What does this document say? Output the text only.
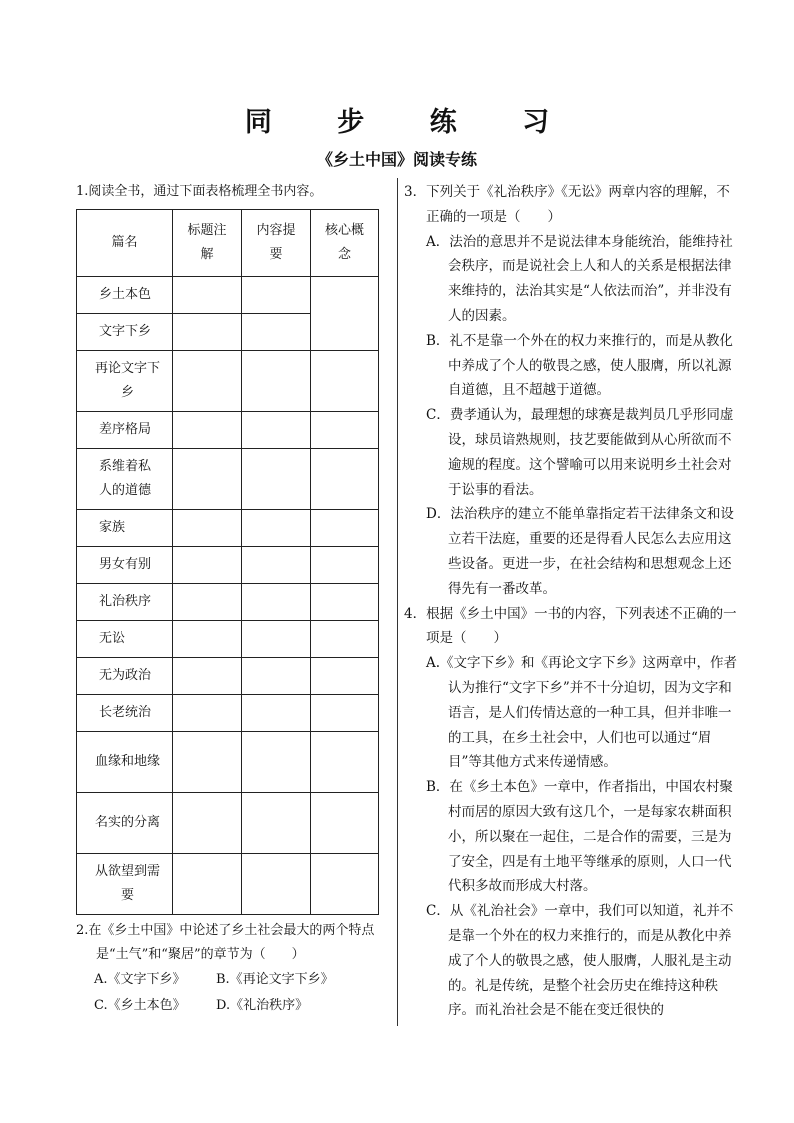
同 步 练 习
《乡土中国》阅读专练
1.阅读全书，通过下面表格梳理全书内容。
篇名	标题注解	内容提要	核心概念
乡土本色			
文字下乡			
再论文字下乡			
差序格局			
系维着私人的道德			
家族			
男女有别			
礼治秩序			
无讼			
无为政治			
长老统治			
血缘和地缘			
名实的分离			
从欲望到需要			
2.在《乡土中国》中论述了乡土社会最大的两个特点是“土气”和“聚居”的章节为（　　）
A.《文字下乡》 B.《再论文字下乡》
C.《乡土本色》 D.《礼治秩序》
3．下列关于《礼治秩序》《无讼》两章内容的理解，不正确的一项是（　　）
A．法治的意思并不是说法律本身能统治，能维持社会秩序，而是说社会上人和人的关系是根据法律来维持的，法治其实是“人依法而治”，并非没有人的因素。
B．礼不是靠一个外在的权力来推行的，而是从教化中养成了个人的敬畏之感，使人服膺，所以礼源自道德，且不超越于道德。
C．费孝通认为，最理想的球赛是裁判员几乎形同虚设，球员谙熟规则，技艺要能做到从心所欲而不逾规的程度。这个譬喻可以用来说明乡土社会对于讼事的看法。
D．法治秩序的建立不能单靠指定若干法律条文和设立若干法庭，重要的还是得看人民怎么去应用这些设备。更进一步，在社会结构和思想观念上还得先有一番改革。
4．根据《乡土中国》一书的内容，下列表述不正确的一项是（　　）
A.《文字下乡》和《再论文字下乡》这两章中，作者认为推行“文字下乡”并不十分迫切，因为文字和语言，是人们传情达意的一种工具，但并非唯一的工具，在乡土社会中，人们也可以通过“眉目”等其他方式来传递情感。
B．在《乡土本色》一章中，作者指出，中国农村聚村而居的原因大致有这几个，一是每家农耕面积小，所以聚在一起住，二是合作的需要，三是为了安全，四是有土地平等继承的原则，人口一代代积多故而形成大村落。
C．从《礼治社会》一章中，我们可以知道，礼并不是靠一个外在的权力来推行的，而是从教化中养成了个人的敬畏之感，使人服膺，人服礼是主动的。礼是传统，是整个社会历史在维持这种秩序。而礼治社会是不能在变迁很快的
